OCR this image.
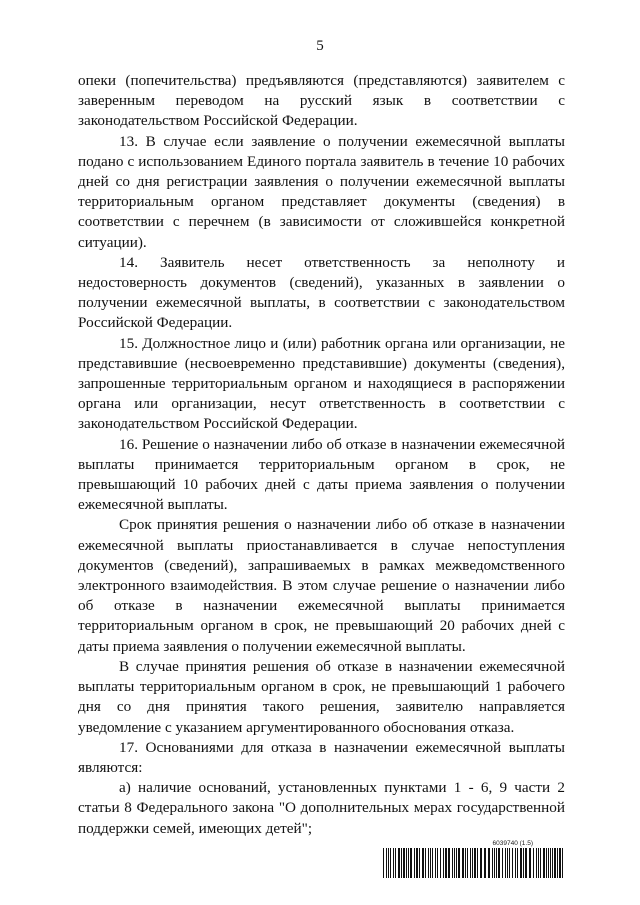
5

опеки (попечительства) предъявляются (представляются) заявителем с заверенным переводом на русский язык в соответствии с законодательством Российской Федерации.

13. В случае если заявление о получении ежемесячной выплаты подано с использованием Единого портала заявитель в течение 10 рабочих дней со дня регистрации заявления о получении ежемесячной выплаты территориальным органом представляет документы (сведения) в соответствии с перечнем (в зависимости от сложившейся конкретной ситуации).

14. Заявитель несет ответственность за неполноту и недостоверность документов (сведений), указанных в заявлении о получении ежемесячной выплаты, в соответствии с законодательством Российской Федерации.

15. Должностное лицо и (или) работник органа или организации, не представившие (несвоевременно представившие) документы (сведения), запрошенные территориальным органом и находящиеся в распоряжении органа или организации, несут ответственность в соответствии с законодательством Российской Федерации.

16. Решение о назначении либо об отказе в назначении ежемесячной выплаты принимается территориальным органом в срок, не превышающий 10 рабочих дней с даты приема заявления о получении ежемесячной выплаты.

Срок принятия решения о назначении либо об отказе в назначении ежемесячной выплаты приостанавливается в случае непоступления документов (сведений), запрашиваемых в рамках межведомственного электронного взаимодействия. В этом случае решение о назначении либо об отказе в назначении ежемесячной выплаты принимается территориальным органом в срок, не превышающий 20 рабочих дней с даты приема заявления о получении ежемесячной выплаты.

В случае принятия решения об отказе в назначении ежемесячной выплаты территориальным органом в срок, не превышающий 1 рабочего дня со дня принятия такого решения, заявителю направляется уведомление с указанием аргументированного обоснования отказа.

17. Основаниями для отказа в назначении ежемесячной выплаты являются:

а) наличие оснований, установленных пунктами 1 - 6, 9 части 2 статьи 8 Федерального закона "О дополнительных мерах государственной поддержки семей, имеющих детей";

6039740 (1.5)
